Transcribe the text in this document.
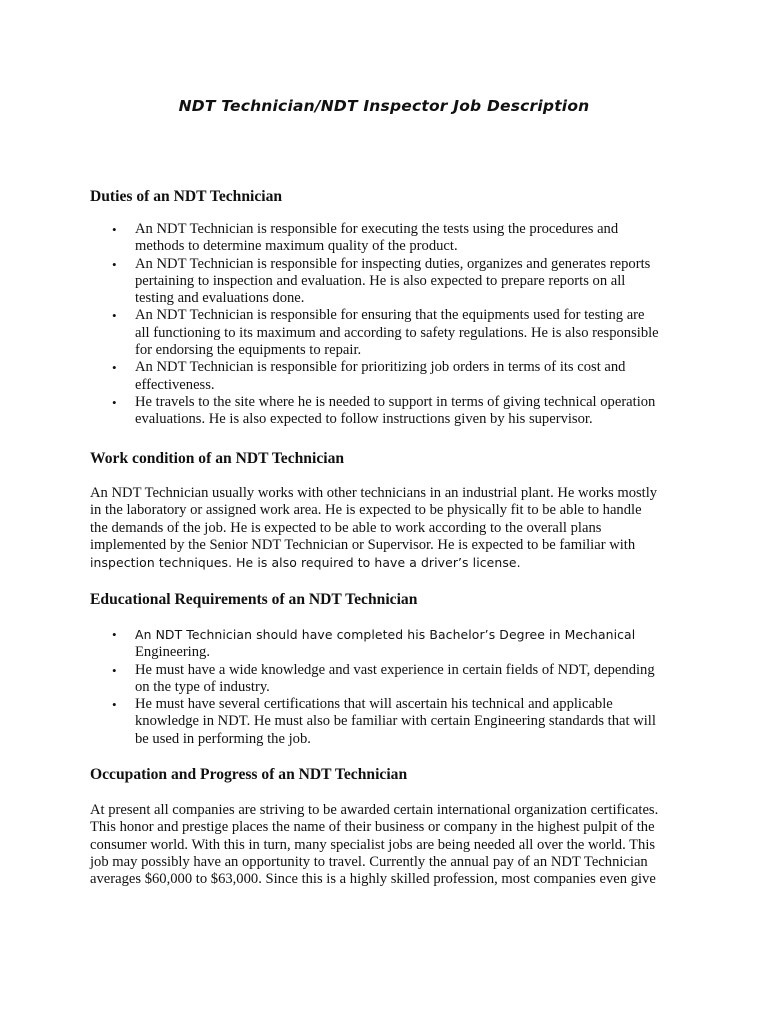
NDT Technician/NDT Inspector Job Description
Duties of an NDT Technician
• An NDT Technician is responsible for executing the tests using the procedures and
methods to determine maximum quality of the product.
• An NDT Technician is responsible for inspecting duties, organizes and generates reports
pertaining to inspection and evaluation. He is also expected to prepare reports on all
testing and evaluations done.
• An NDT Technician is responsible for ensuring that the equipments used for testing are
all functioning to its maximum and according to safety regulations. He is also responsible
for endorsing the equipments to repair.
• An NDT Technician is responsible for prioritizing job orders in terms of its cost and
effectiveness.
• He travels to the site where he is needed to support in terms of giving technical operation
evaluations. He is also expected to follow instructions given by his supervisor.
Work condition of an NDT Technician

An NDT Technician usually works with other technicians in an industrial plant. He works mostly
in the laboratory or assigned work area. He is expected to be physically fit to be able to handle
the demands of the job. He is expected to be able to work according to the overall plans
implemented by the Senior NDT Technician or Supervisor. He is expected to be familiar with
inspection techniques. He is also required to have a driver’s license.

Educational Requirements of an NDT Technician
• An NDT Technician should have completed his Bachelor’s Degree in Mechanical
Engineering.
• He must have a wide knowledge and vast experience in certain fields of NDT, depending
on the type of industry.
• He must have several certifications that will ascertain his technical and applicable
knowledge in NDT. He must also be familiar with certain Engineering standards that will
be used in performing the job.
Occupation and Progress of an NDT Technician

At present all companies are striving to be awarded certain international organization certificates.
This honor and prestige places the name of their business or company in the highest pulpit of the
consumer world. With this in turn, many specialist jobs are being needed all over the world. This
job may possibly have an opportunity to travel. Currently the annual pay of an NDT Technician
averages $60,000 to $63,000. Since this is a highly skilled profession, most companies even give
